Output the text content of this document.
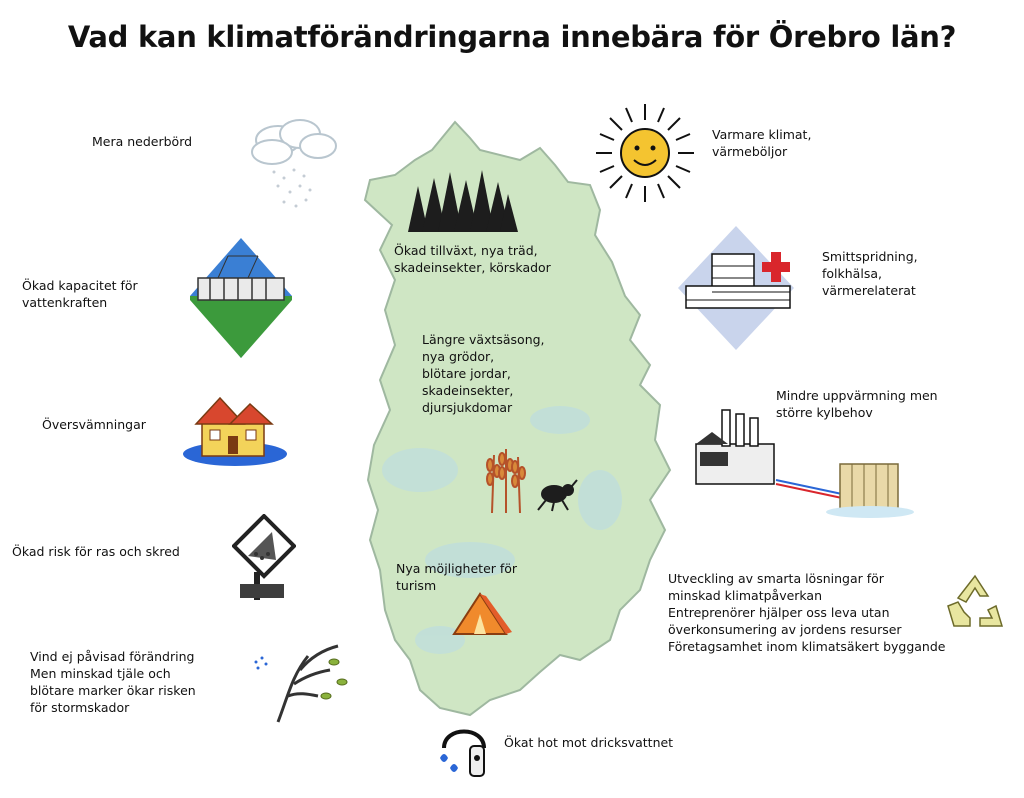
Vad kan klimatförändringarna innebära för Örebro län?
Ökad tillväxt, nya träd,
skadeinsekter, körskador
Längre växtsäsong,
nya grödor,
blötare jordar,
skadeinsekter,
djursjukdomar
Nya möjligheter för
turism
Mera nederbörd
Ökad kapacitet för
vattenkraften
Översvämningar
Ökad risk för ras och skred
Vind ej påvisad förändring
Men minskad tjäle och
blötare marker ökar risken
för stormskador
Varmare klimat,
värmeböljor
Smittspridning,
folkhälsa,
värmerelaterat
Mindre uppvärmning men
större kylbehov
Utveckling av smarta lösningar för
minskad klimatpåverkan
Entreprenörer hjälper oss leva utan
överkonsumering av jordens resurser
Företagsamhet inom klimatsäkert byggande
Ökat hot mot dricksvattnet
